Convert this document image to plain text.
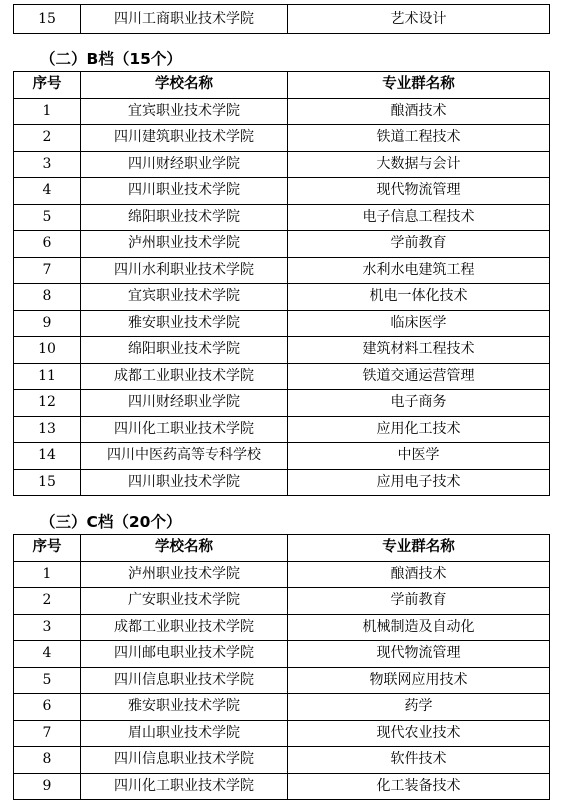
15	四川工商职业技术学院	艺术设计
（二）B档（15个）
序号	学校名称	专业群名称
1	宜宾职业技术学院	酿酒技术
2	四川建筑职业技术学院	铁道工程技术
3	四川财经职业学院	大数据与会计
4	四川职业技术学院	现代物流管理
5	绵阳职业技术学院	电子信息工程技术
6	泸州职业技术学院	学前教育
7	四川水利职业技术学院	水利水电建筑工程
8	宜宾职业技术学院	机电一体化技术
9	雅安职业技术学院	临床医学
10	绵阳职业技术学院	建筑材料工程技术
11	成都工业职业技术学院	铁道交通运营管理
12	四川财经职业学院	电子商务
13	四川化工职业技术学院	应用化工技术
14	四川中医药高等专科学校	中医学
15	四川职业技术学院	应用电子技术
（三）C档（20个）
序号	学校名称	专业群名称
1	泸州职业技术学院	酿酒技术
2	广安职业技术学院	学前教育
3	成都工业职业技术学院	机械制造及自动化
4	四川邮电职业技术学院	现代物流管理
5	四川信息职业技术学院	物联网应用技术
6	雅安职业技术学院	药学
7	眉山职业技术学院	现代农业技术
8	四川信息职业技术学院	软件技术
9	四川化工职业技术学院	化工装备技术
